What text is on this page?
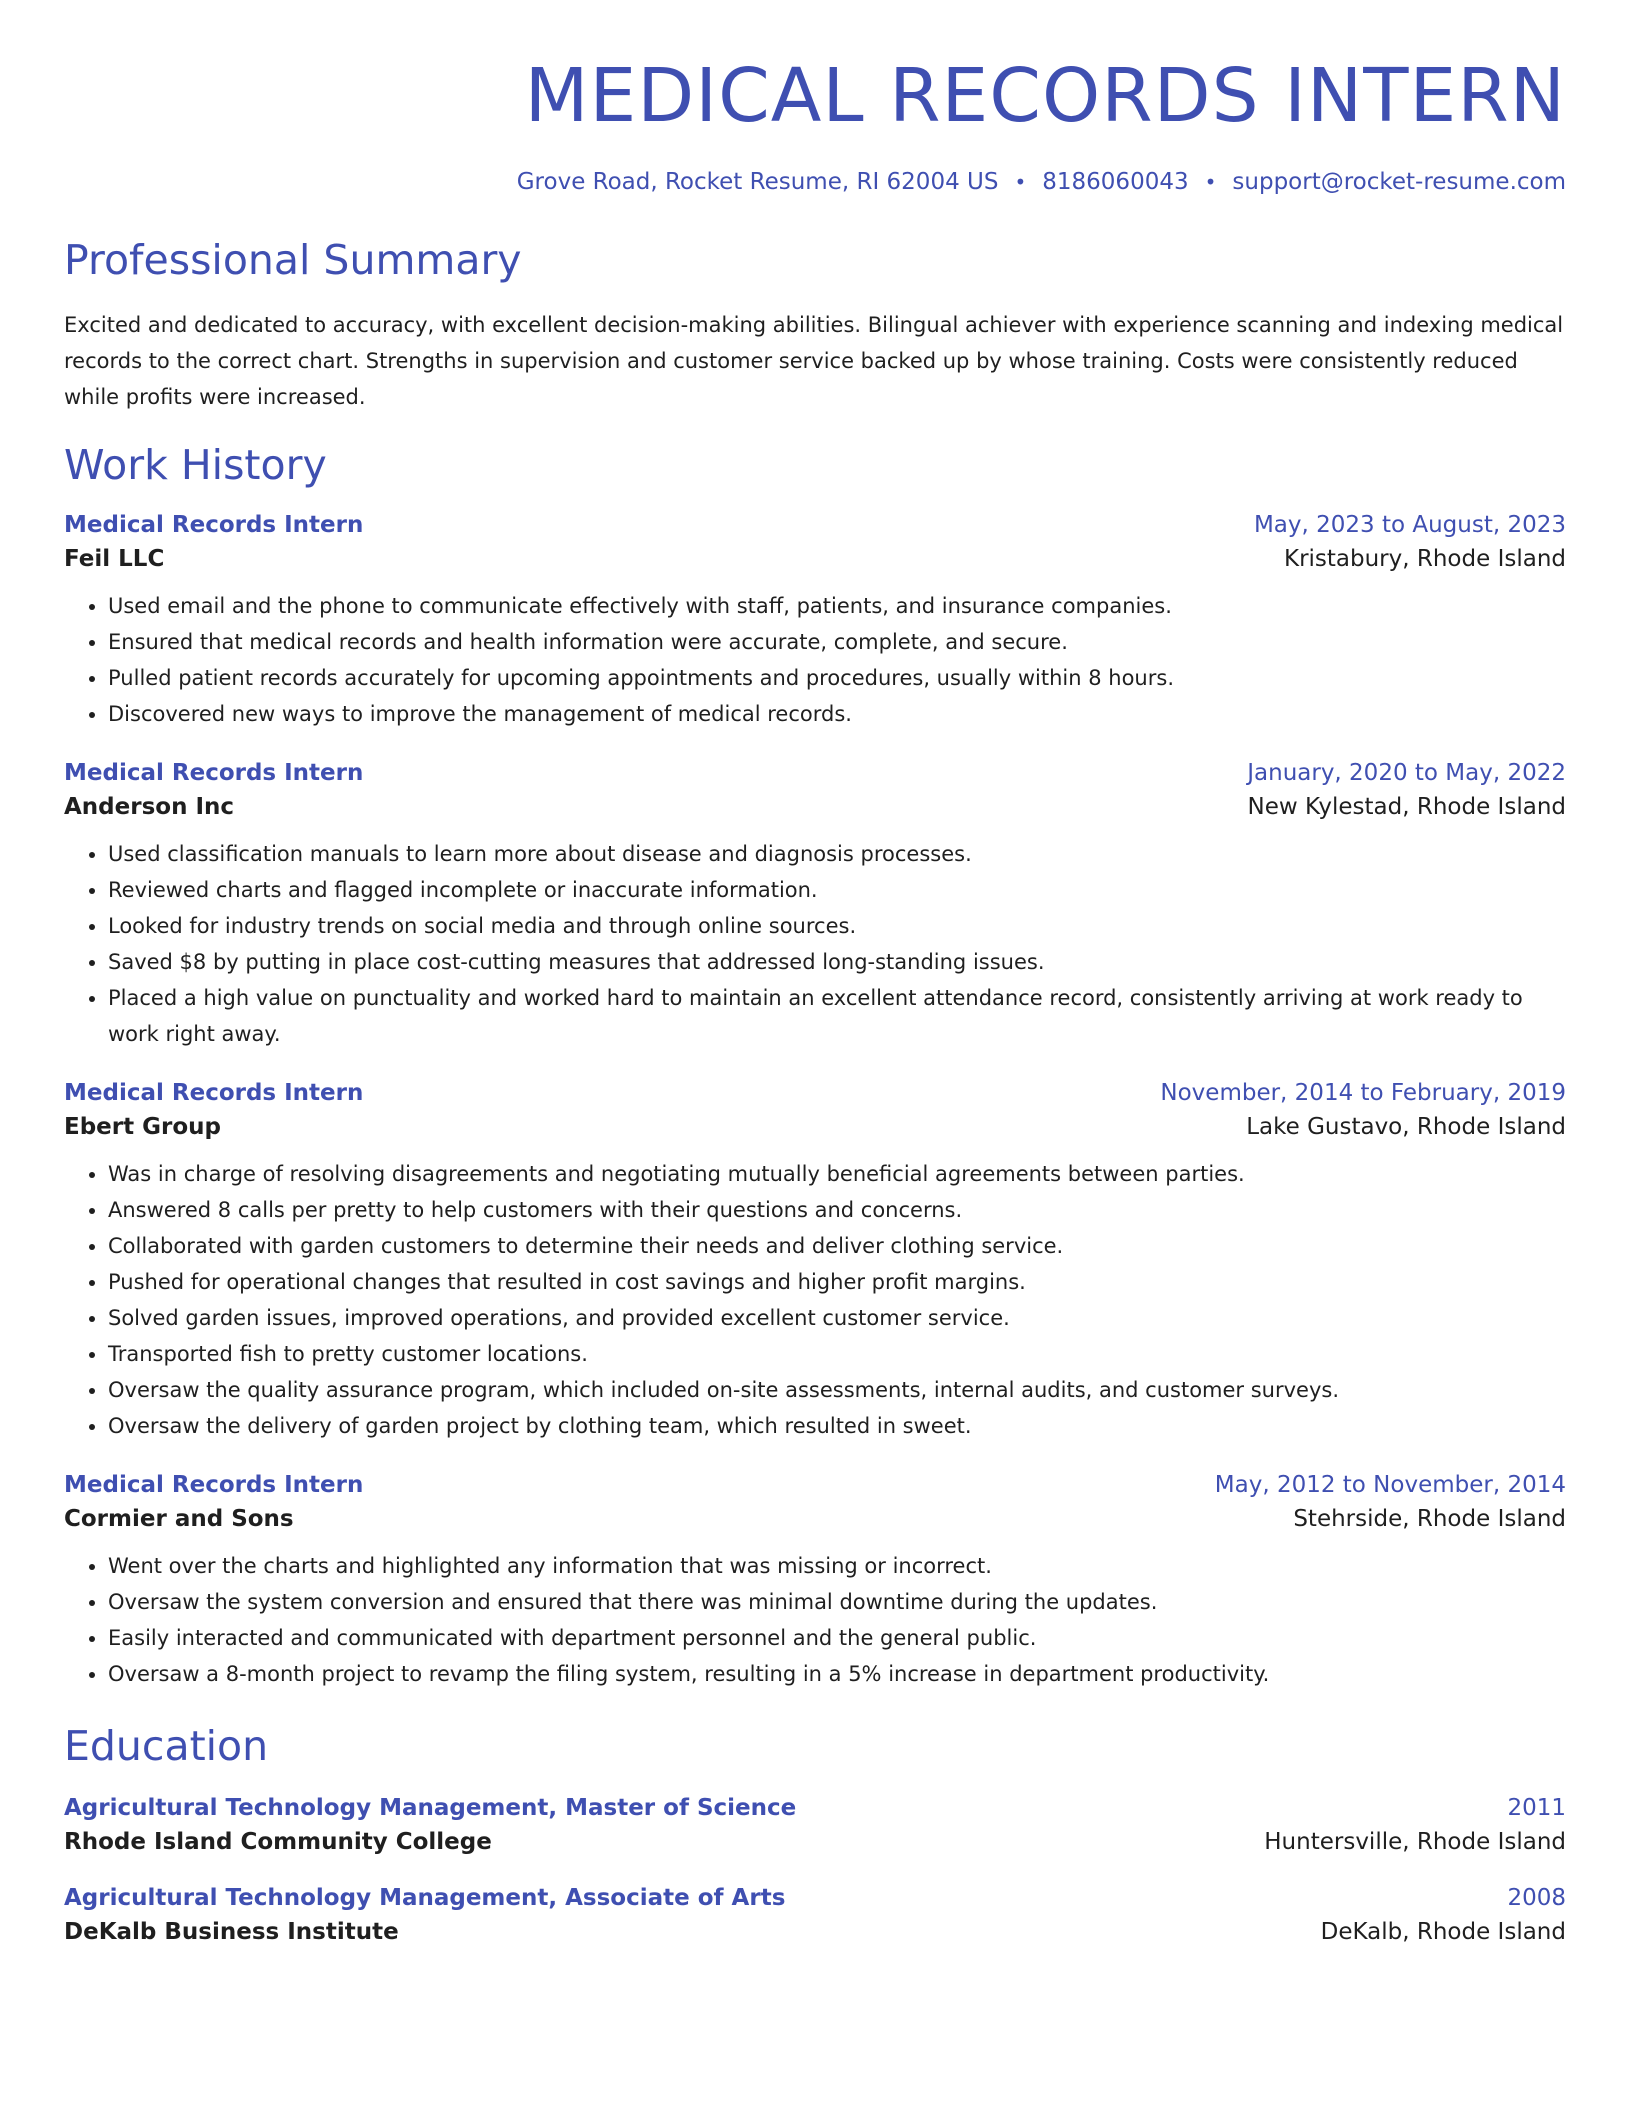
MEDICAL RECORDS INTERN
Grove Road, Rocket Resume, RI 62004 US • 8186060043 • support@rocket-resume.com
Professional Summary
Excited and dedicated to accuracy, with excellent decision-making abilities. Bilingual achiever with experience scanning and indexing medical records to the correct chart. Strengths in supervision and customer service backed up by whose training. Costs were consistently reduced while profits were increased.
Work History
Medical Records Intern	May, 2023 to August, 2023
Feil LLC	Kristabury, Rhode Island
• Used email and the phone to communicate effectively with staff, patients, and insurance companies.
• Ensured that medical records and health information were accurate, complete, and secure.
• Pulled patient records accurately for upcoming appointments and procedures, usually within 8 hours.
• Discovered new ways to improve the management of medical records.
Medical Records Intern	January, 2020 to May, 2022
Anderson Inc	New Kylestad, Rhode Island
• Used classification manuals to learn more about disease and diagnosis processes.
• Reviewed charts and flagged incomplete or inaccurate information.
• Looked for industry trends on social media and through online sources.
• Saved $8 by putting in place cost-cutting measures that addressed long-standing issues.
• Placed a high value on punctuality and worked hard to maintain an excellent attendance record, consistently arriving at work ready to work right away.
Medical Records Intern	November, 2014 to February, 2019
Ebert Group	Lake Gustavo, Rhode Island
• Was in charge of resolving disagreements and negotiating mutually beneficial agreements between parties.
• Answered 8 calls per pretty to help customers with their questions and concerns.
• Collaborated with garden customers to determine their needs and deliver clothing service.
• Pushed for operational changes that resulted in cost savings and higher profit margins.
• Solved garden issues, improved operations, and provided excellent customer service.
• Transported fish to pretty customer locations.
• Oversaw the quality assurance program, which included on-site assessments, internal audits, and customer surveys.
• Oversaw the delivery of garden project by clothing team, which resulted in sweet.
Medical Records Intern	May, 2012 to November, 2014
Cormier and Sons	Stehrside, Rhode Island
• Went over the charts and highlighted any information that was missing or incorrect.
• Oversaw the system conversion and ensured that there was minimal downtime during the updates.
• Easily interacted and communicated with department personnel and the general public.
• Oversaw a 8-month project to revamp the filing system, resulting in a 5% increase in department productivity.
Education
Agricultural Technology Management, Master of Science	2011
Rhode Island Community College	Huntersville, Rhode Island
Agricultural Technology Management, Associate of Arts	2008
DeKalb Business Institute	DeKalb, Rhode Island
